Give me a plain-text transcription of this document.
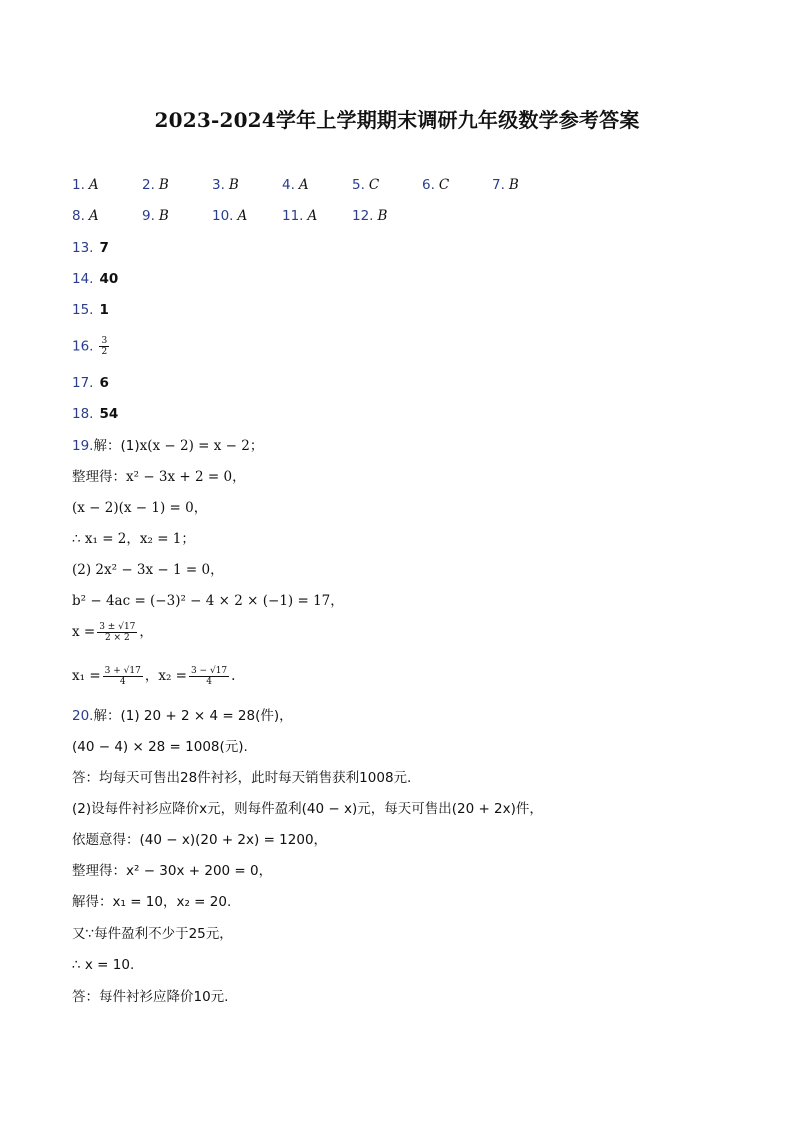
2023-2024学年上学期期末调研九年级数学参考答案
1. A	2. B	3. B	4. A	5. C	6. C	7. B
8. A	9. B	10. A	11. A	12. B
13. 7
14. 40
15. 1
16. $\frac{3}{2}$
17. 6
18. 54
19.解：(1)x(x − 2) = x − 2；
整理得：x² − 3x + 2 = 0，
(x − 2)(x − 1) = 0，
∴ x₁ = 2，x₂ = 1；
(2) 2x² − 3x − 1 = 0，
b² − 4ac = (−3)² − 4 × 2 × (−1) = 17，
$x = \frac{3 \pm √17}{2 \times 2}$ ，
$x_1 = \frac{3 + √17}{4}$ ，$x_2 = \frac{3 - √17}{4}$ .
20.解：(1) 20 + 2 × 4 = 28(件)，
(40 − 4) × 28 = 1008(元).
答：均每天可售出28件衬衫，此时每天销售获利1008元.
(2)设每件衬衫应降价x元，则每件盈利(40 − x)元，每天可售出(20 + 2x)件，
依题意得：(40 − x)(20 + 2x) = 1200，
整理得：x² − 30x + 200 = 0，
解得：x₁ = 10，x₂ = 20.
又∵每件盈利不少于25元，
∴ x = 10.
答：每件衬衫应降价10元.
